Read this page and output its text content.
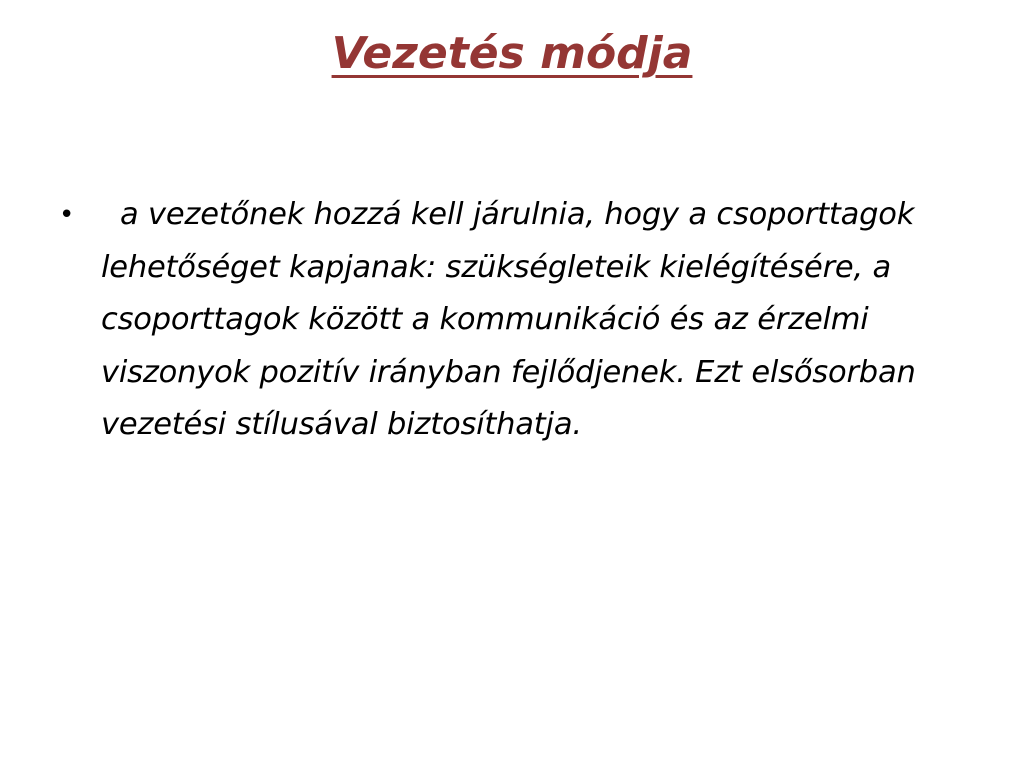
Vezetés módja
• a vezetőnek hozzá kell járulnia, hogy a csoporttagok lehetőséget kapjanak: szükségleteik kielégítésére, a csoporttagok között a kommunikáció és az érzelmi viszonyok pozitív irányban fejlődjenek. Ezt elsősorban vezetési stílusával biztosíthatja.
